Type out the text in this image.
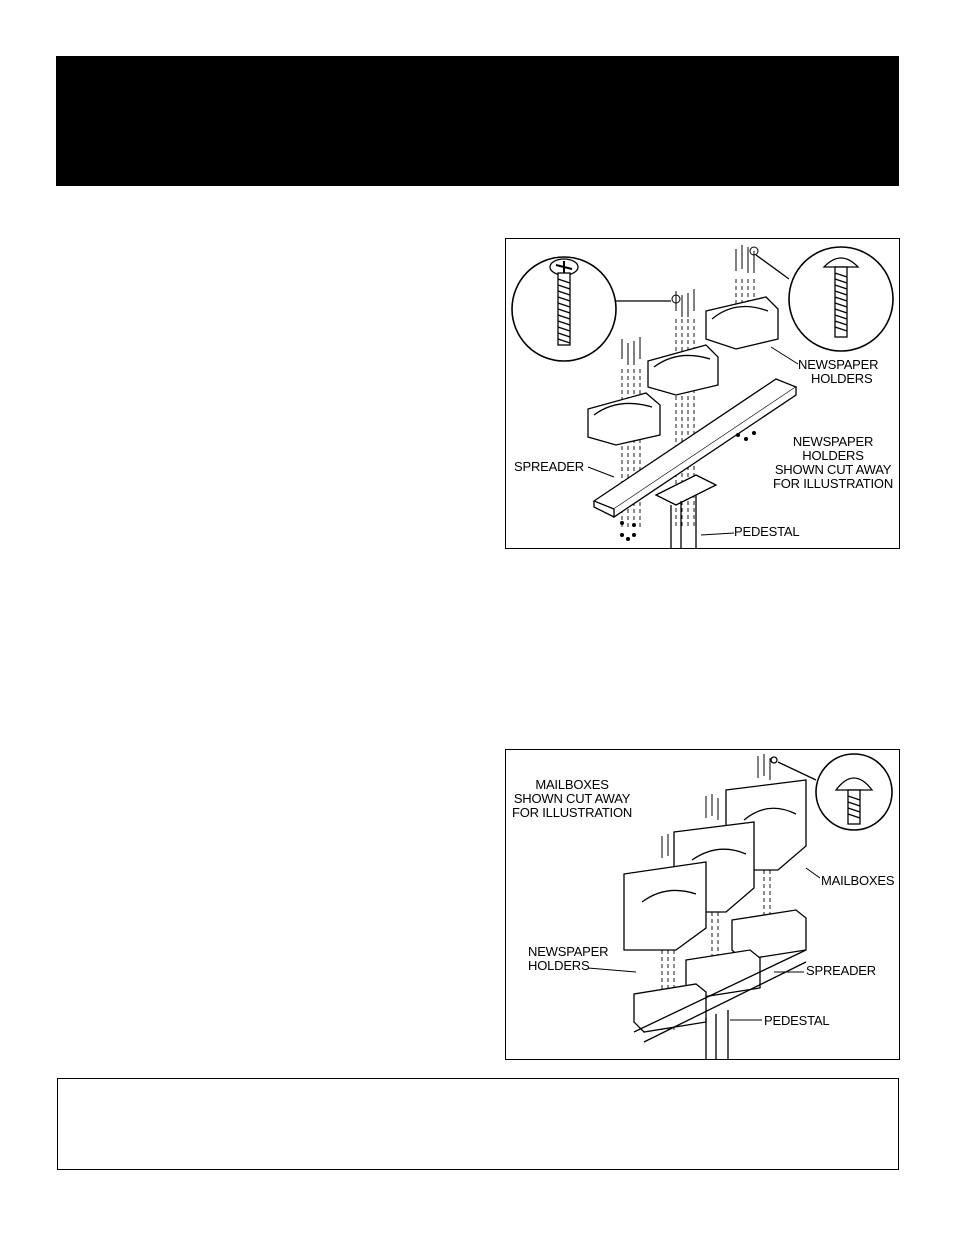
NEWSPAPER
HOLDERS
SPREADER
PEDESTAL
NEWSPAPER
HOLDERS
SHOWN CUT AWAY
FOR ILLUSTRATION
MAILBOXES
SHOWN CUT AWAY
FOR ILLUSTRATION
MAILBOXES
NEWSPAPER
HOLDERS	SPREADER
PEDESTAL
